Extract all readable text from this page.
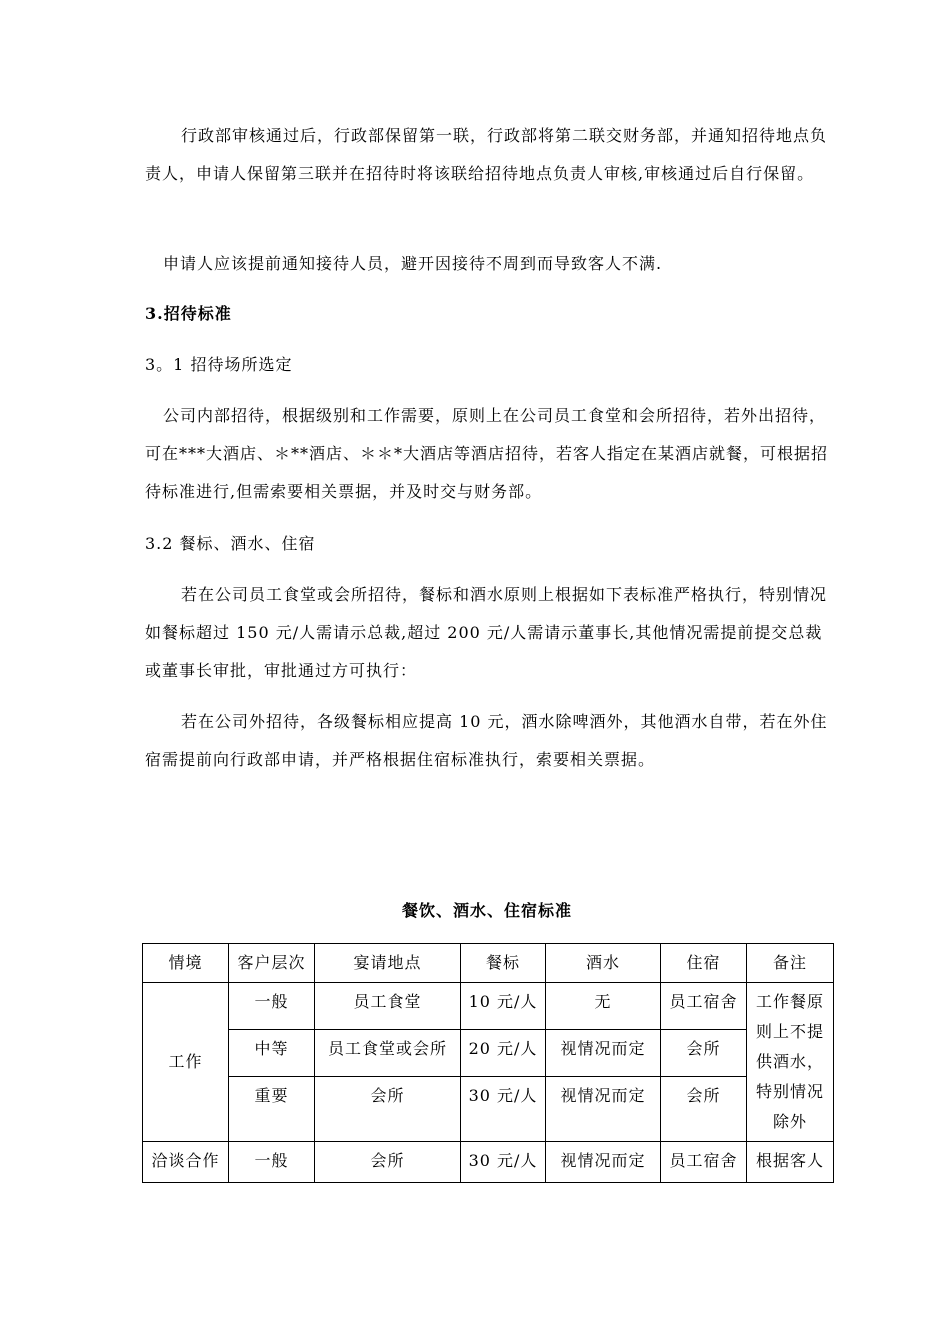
行政部审核通过后，行政部保留第一联，行政部将第二联交财务部，并通知招待地点负责人，申请人保留第三联并在招待时将该联给招待地点负责人审核,审核通过后自行保留。

申请人应该提前通知接待人员，避开因接待不周到而导致客人不满.

3.招待标准

3。1 招待场所选定

公司内部招待，根据级别和工作需要，原则上在公司员工食堂和会所招待，若外出招待，可在***大酒店、＊**酒店、＊＊*大酒店等酒店招待，若客人指定在某酒店就餐，可根据招待标准进行,但需索要相关票据，并及时交与财务部。

3.2 餐标、酒水、住宿

若在公司员工食堂或会所招待，餐标和酒水原则上根据如下表标准严格执行，特别情况如餐标超过 150 元/人需请示总裁,超过 200 元/人需请示董事长,其他情况需提前提交总裁或董事长审批，审批通过方可执行：

若在公司外招待，各级餐标相应提高 10 元，酒水除啤酒外，其他酒水自带，若在外住宿需提前向行政部申请，并严格根据住宿标准执行，索要相关票据。

餐饮、酒水、住宿标准
情境	客户层次	宴请地点	餐标	酒水	住宿	备注
工作	一般	员工食堂	10 元/人	无	员工宿舍	工作餐原则上不提供酒水，特别情况除外
	中等	员工食堂或会所	20 元/人	视情况而定	会所	
	重要	会所	30 元/人	视情况而定	会所	
洽谈合作	一般	会所	30 元/人	视情况而定	员工宿舍	根据客人
